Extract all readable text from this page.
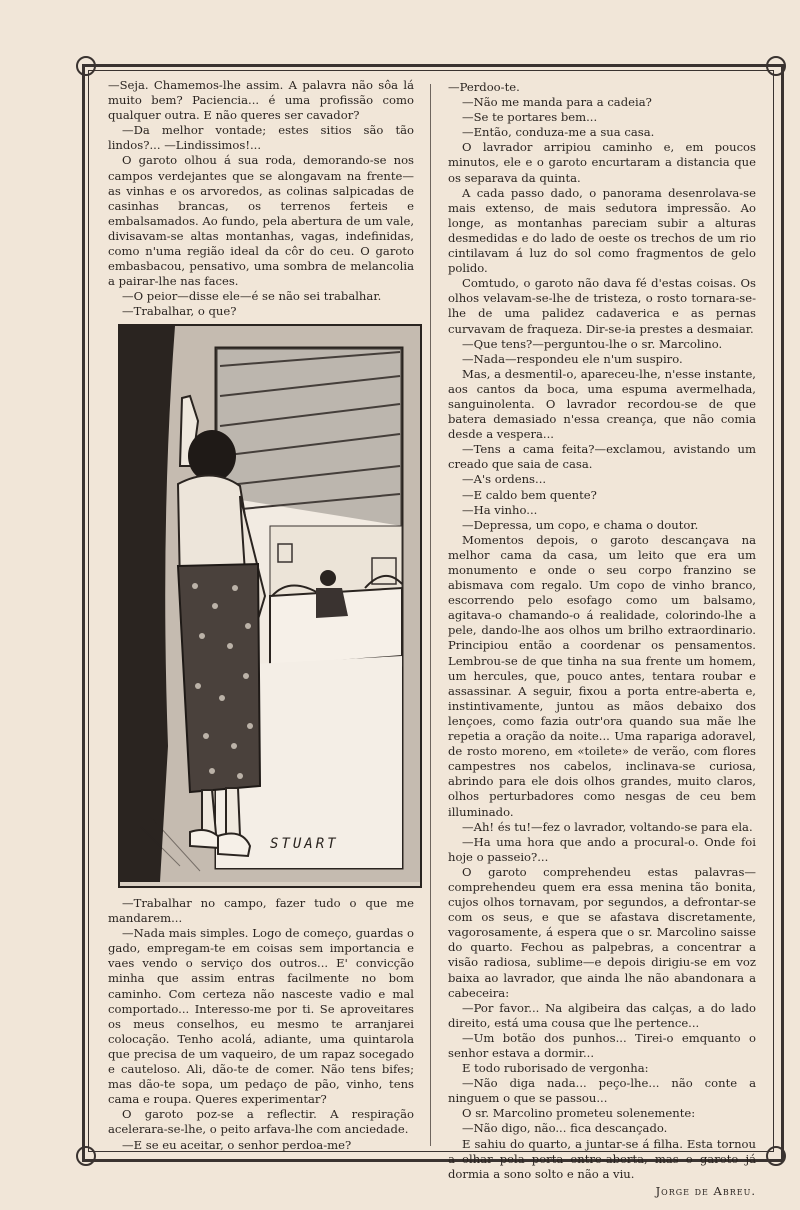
—Seja. Chamemos-lhe assim. A palavra não sôa lá muito bem? Paciencia... é uma profissão como qualquer outra. E não queres ser cavador?

—Da melhor vontade; estes sitios são tão lindos?... —Lindissimos!...

O garoto olhou á sua roda, demorando-se nos campos verdejantes que se alongavam na frente—as vinhas e os arvoredos, as colinas salpicadas de casinhas brancas, os terrenos ferteis e embalsamados. Ao fundo, pela abertura de um vale, divisavam-se altas montanhas, vagas, indefinidas, como n'uma região ideal da côr do ceu. O garoto embasbacou, pensativo, uma sombra de melancolia a pairar-lhe nas faces.

—O peior—disse ele—é se não sei trabalhar.

—Trabalhar, o que?

STUART

—Trabalhar no campo, fazer tudo o que me mandarem...

—Nada mais simples. Logo de começo, guardas o gado, empregam-te em coisas sem importancia e vaes vendo o serviço dos outros... E' convicção minha que assim entras facilmente no bom caminho. Com certeza não nasceste vadio e mal comportado... Interesso-me por ti. Se aproveitares os meus conselhos, eu mesmo te arranjarei colocação. Tenho acolá, adiante, uma quintarola que precisa de um vaqueiro, de um rapaz socegado e cauteloso. Ali, dão-te de comer. Não tens bifes; mas dão-te sopa, um pedaço de pão, vinho, tens cama e roupa. Queres experimentar?

O garoto poz-se a reflectir. A respiração acelerara-se-lhe, o peito arfava-lhe com anciedade.

—E se eu aceitar, o senhor perdoa-me?

—Perdoo-te.

—Não me manda para a cadeia?

—Se te portares bem...

—Então, conduza-me a sua casa.

O lavrador arripiou caminho e, em poucos minutos, ele e o garoto encurtaram a distancia que os separava da quinta.

A cada passo dado, o panorama desenrolava-se mais extenso, de mais sedutora impressão. Ao longe, as montanhas pareciam subir a alturas desmedidas e do lado de oeste os trechos de um rio cintilavam á luz do sol como fragmentos de gelo polido.

Comtudo, o garoto não dava fé d'estas coisas. Os olhos velavam-se-lhe de tristeza, o rosto tornara-se-lhe de uma palidez cadaverica e as pernas curvavam de fraqueza. Dir-se-ia prestes a desmaiar.

—Que tens?—perguntou-lhe o sr. Marcolino.

—Nada—respondeu ele n'um suspiro.

Mas, a desmentil-o, apareceu-lhe, n'esse instante, aos cantos da boca, uma espuma avermelhada, sanguinolenta. O lavrador recordou-se de que batera demasiado n'essa creança, que não comia desde a vespera...

—Tens a cama feita?—exclamou, avistando um creado que saia de casa.

—A's ordens...

—E caldo bem quente?

—Ha vinho...

—Depressa, um copo, e chama o doutor.

Momentos depois, o garoto descançava na melhor cama da casa, um leito que era um monumento e onde o seu corpo franzino se abismava com regalo. Um copo de vinho branco, escorrendo pelo esofago como um balsamo, agitava-o chamando-o á realidade, colorindo-lhe a pele, dando-lhe aos olhos um brilho extraordinario. Principiou então a coordenar os pensamentos. Lembrou-se de que tinha na sua frente um homem, um hercules, que, pouco antes, tentara roubar e assassinar. A seguir, fixou a porta entre-aberta e, instintivamente, juntou as mãos debaixo dos lençoes, como fazia outr'ora quando sua mãe lhe repetia a oração da noite... Uma rapariga adoravel, de rosto moreno, em «toilete» de verão, com flores campestres nos cabelos, inclinava-se curiosa, abrindo para ele dois olhos grandes, muito claros, olhos perturbadores como nesgas de ceu bem illuminado.

—Ah! és tu!—fez o lavrador, voltando-se para ela.

—Ha uma hora que ando a procural-o. Onde foi hoje o passeio?...

O garoto comprehendeu estas palavras—comprehendeu quem era essa menina tão bonita, cujos olhos tornavam, por segundos, a defrontar-se com os seus, e que se afastava discretamente, vagorosamente, á espera que o sr. Marcolino saisse do quarto. Fechou as palpebras, a concentrar a visão radiosa, sublime—e depois dirigiu-se em voz baixa ao lavrador, que ainda lhe não abandonara a cabeceira:

—Por favor... Na algibeira das calças, a do lado direito, está uma cousa que lhe pertence...

—Um botão dos punhos... Tirei-o emquanto o senhor estava a dormir...

E todo ruborisado de vergonha:

—Não diga nada... peço-lhe... não conte a ninguem o que se passou...

O sr. Marcolino prometeu solenemente:

—Não digo, não... fica descançado.

E sahiu do quarto, a juntar-se á filha. Esta tornou a olhar pela porta entre-aberta, mas o garoto já dormia a sono solto e não a viu.

Jorge de Abreu.
